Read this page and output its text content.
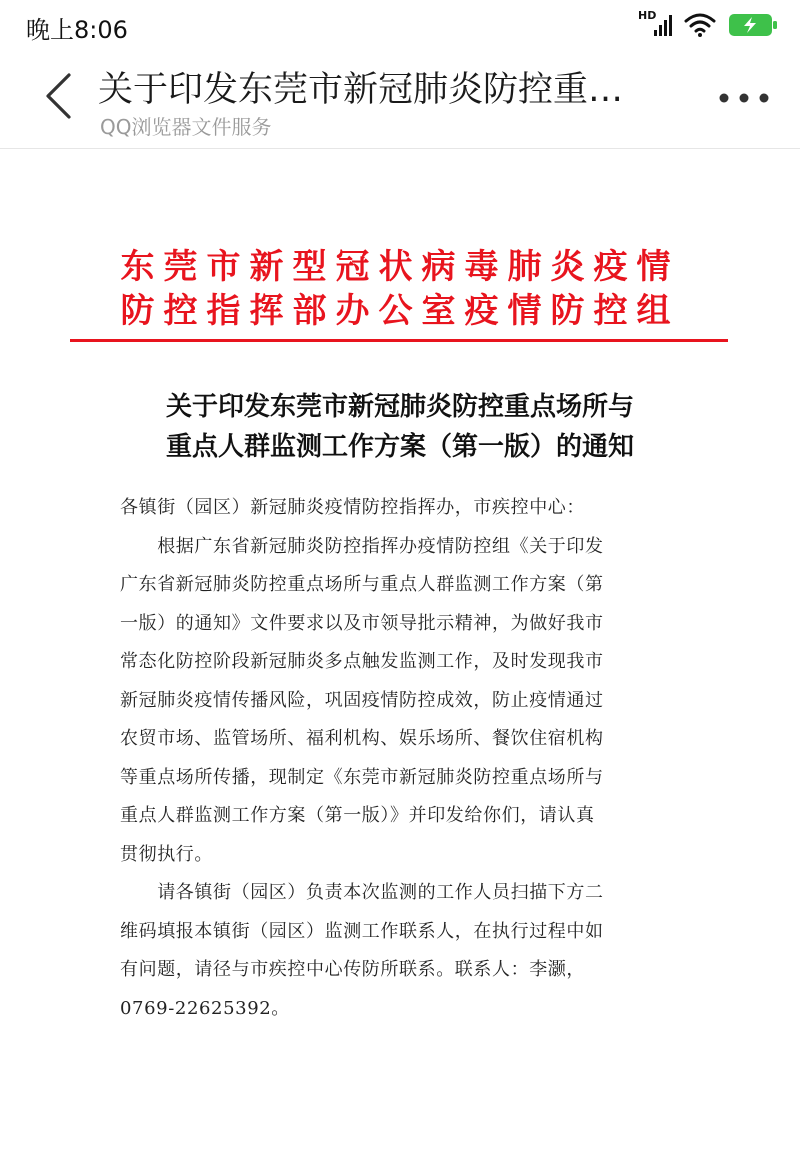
晚上8:06
HD
关于印发东莞市新冠肺炎防控重…
QQ浏览器文件服务
东莞市新型冠状病毒肺炎疫情
防控指挥部办公室疫情防控组
关于印发东莞市新冠肺炎防控重点场所与
重点人群监测工作方案（第一版）的通知
各镇街（园区）新冠肺炎疫情防控指挥办，市疾控中心：
　　根据广东省新冠肺炎防控指挥办疫情防控组《关于印发
广东省新冠肺炎防控重点场所与重点人群监测工作方案（第
一版）的通知》文件要求以及市领导批示精神，为做好我市
常态化防控阶段新冠肺炎多点触发监测工作，及时发现我市
新冠肺炎疫情传播风险，巩固疫情防控成效，防止疫情通过
农贸市场、监管场所、福利机构、娱乐场所、餐饮住宿机构
等重点场所传播，现制定《东莞市新冠肺炎防控重点场所与
重点人群监测工作方案（第一版）》并印发给你们，请认真
贯彻执行。
　　请各镇街（园区）负责本次监测的工作人员扫描下方二
维码填报本镇街（园区）监测工作联系人，在执行过程中如
有问题，请径与市疾控中心传防所联系。联系人：李灏，
0769-22625392。
